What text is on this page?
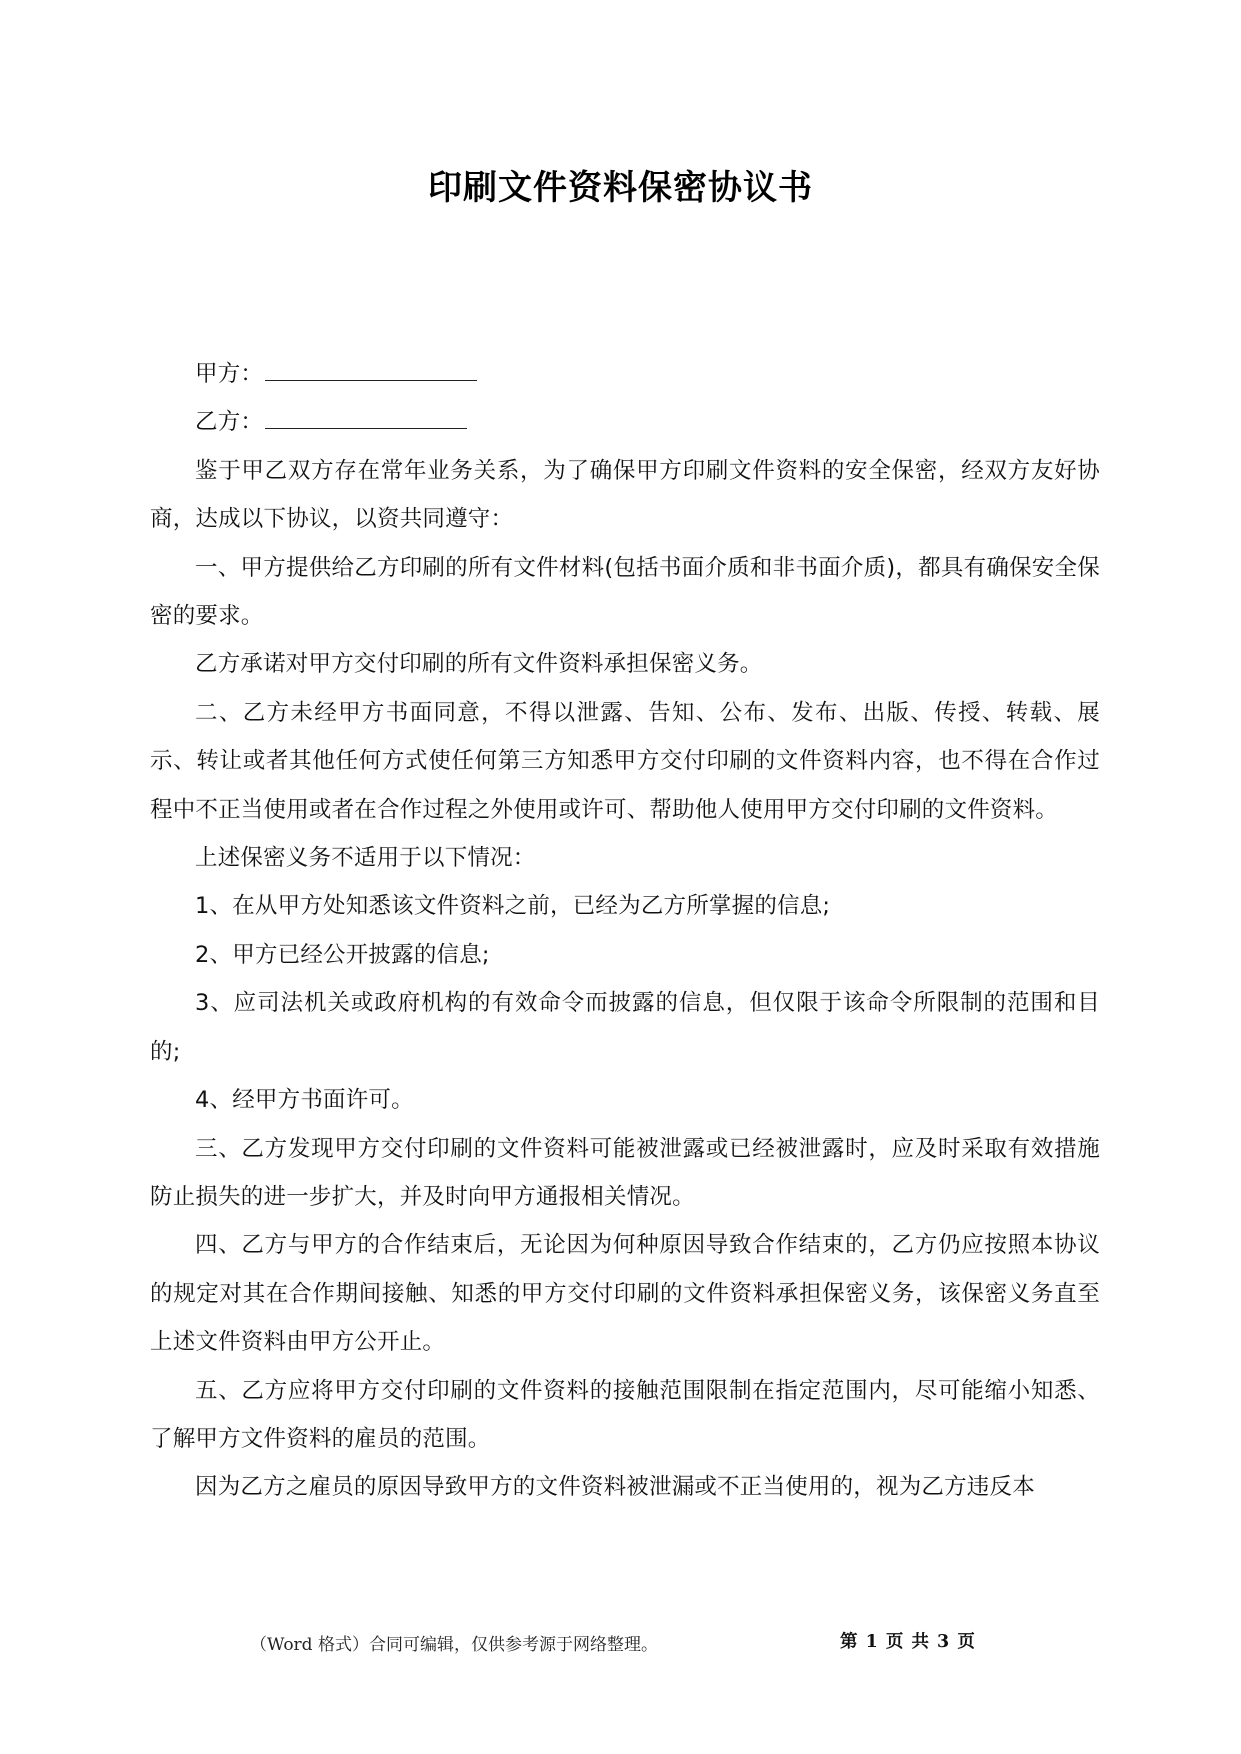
印刷文件资料保密协议书
甲方：
乙方：

鉴于甲乙双方存在常年业务关系，为了确保甲方印刷文件资料的安全保密，经双方友好协商，达成以下协议，以资共同遵守：

一、甲方提供给乙方印刷的所有文件材料(包括书面介质和非书面介质)，都具有确保安全保密的要求。

乙方承诺对甲方交付印刷的所有文件资料承担保密义务。

二、乙方未经甲方书面同意，不得以泄露、告知、公布、发布、出版、传授、转载、展示、转让或者其他任何方式使任何第三方知悉甲方交付印刷的文件资料内容，也不得在合作过程中不正当使用或者在合作过程之外使用或许可、帮助他人使用甲方交付印刷的文件资料。

上述保密义务不适用于以下情况：

1、在从甲方处知悉该文件资料之前，已经为乙方所掌握的信息;

2、甲方已经公开披露的信息;

3、应司法机关或政府机构的有效命令而披露的信息，但仅限于该命令所限制的范围和目的;

4、经甲方书面许可。

三、乙方发现甲方交付印刷的文件资料可能被泄露或已经被泄露时，应及时采取有效措施防止损失的进一步扩大，并及时向甲方通报相关情况。

四、乙方与甲方的合作结束后，无论因为何种原因导致合作结束的，乙方仍应按照本协议的规定对其在合作期间接触、知悉的甲方交付印刷的文件资料承担保密义务，该保密义务直至上述文件资料由甲方公开止。

五、乙方应将甲方交付印刷的文件资料的接触范围限制在指定范围内，尽可能缩小知悉、了解甲方文件资料的雇员的范围。

因为乙方之雇员的原因导致甲方的文件资料被泄漏或不正当使用的，视为乙方违反本

（Word 格式）合同可编辑，仅供参考源于网络整理。	第 1 页 共 3 页
